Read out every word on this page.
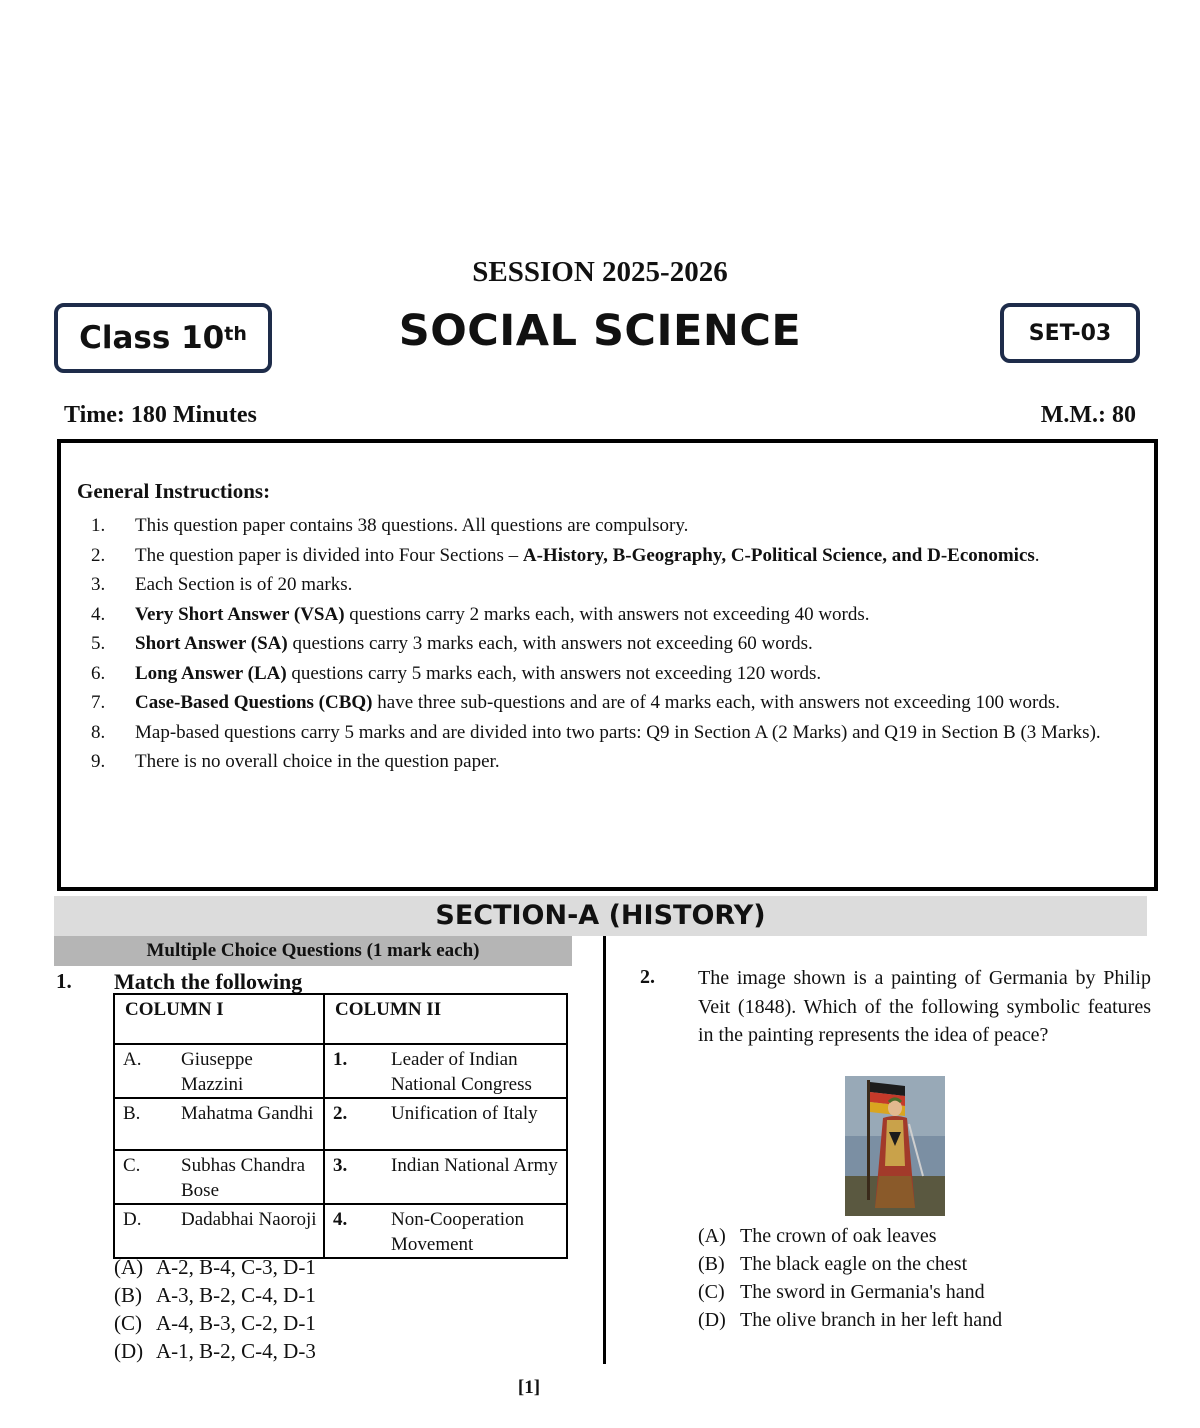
SESSION 2025-2026
SOCIAL SCIENCE
Class 10th	SET-03
Time: 180 Minutes	M.M.: 80
General Instructions:
1.	This question paper contains 38 questions. All questions are compulsory.
2.	The question paper is divided into Four Sections – A-History, B-Geography, C-Political Science, and D-Economics.
3.	Each Section is of 20 marks.
4.	Very Short Answer (VSA) questions carry 2 marks each, with answers not exceeding 40 words.
5.	Short Answer (SA) questions carry 3 marks each, with answers not exceeding 60 words.
6.	Long Answer (LA) questions carry 5 marks each, with answers not exceeding 120 words.
7.	Case-Based Questions (CBQ) have three sub-questions and are of 4 marks each, with answers not exceeding 100 words.
8.	Map-based questions carry 5 marks and are divided into two parts: Q9 in Section A (2 Marks) and Q19 in Section B (3 Marks).
9.	There is no overall choice in the question paper.
SECTION-A (HISTORY)
Multiple Choice Questions (1 mark each)
1. Match the following
COLUMN I	COLUMN II

A. Giuseppe Mazzini	1. Leader of Indian National Congress

B. Mahatma Gandhi	2. Unification of Italy

C. Subhas Chandra Bose	3. Indian National Army

D. Dadabhai Naoroji	4. Non-Cooperation Movement
(A) A-2, B-4, C-3, D-1
(B) A-3, B-2, C-4, D-1
(C) A-4, B-3, C-2, D-1
(D) A-1, B-2, C-4, D-3
2. The image shown is a painting of Germania by Philip Veit (1848). Which of the following symbolic features in the painting represents the idea of peace?
(A) The crown of oak leaves
(B) The black eagle on the chest
(C) The sword in Germania's hand
(D) The olive branch in her left hand
[1]
